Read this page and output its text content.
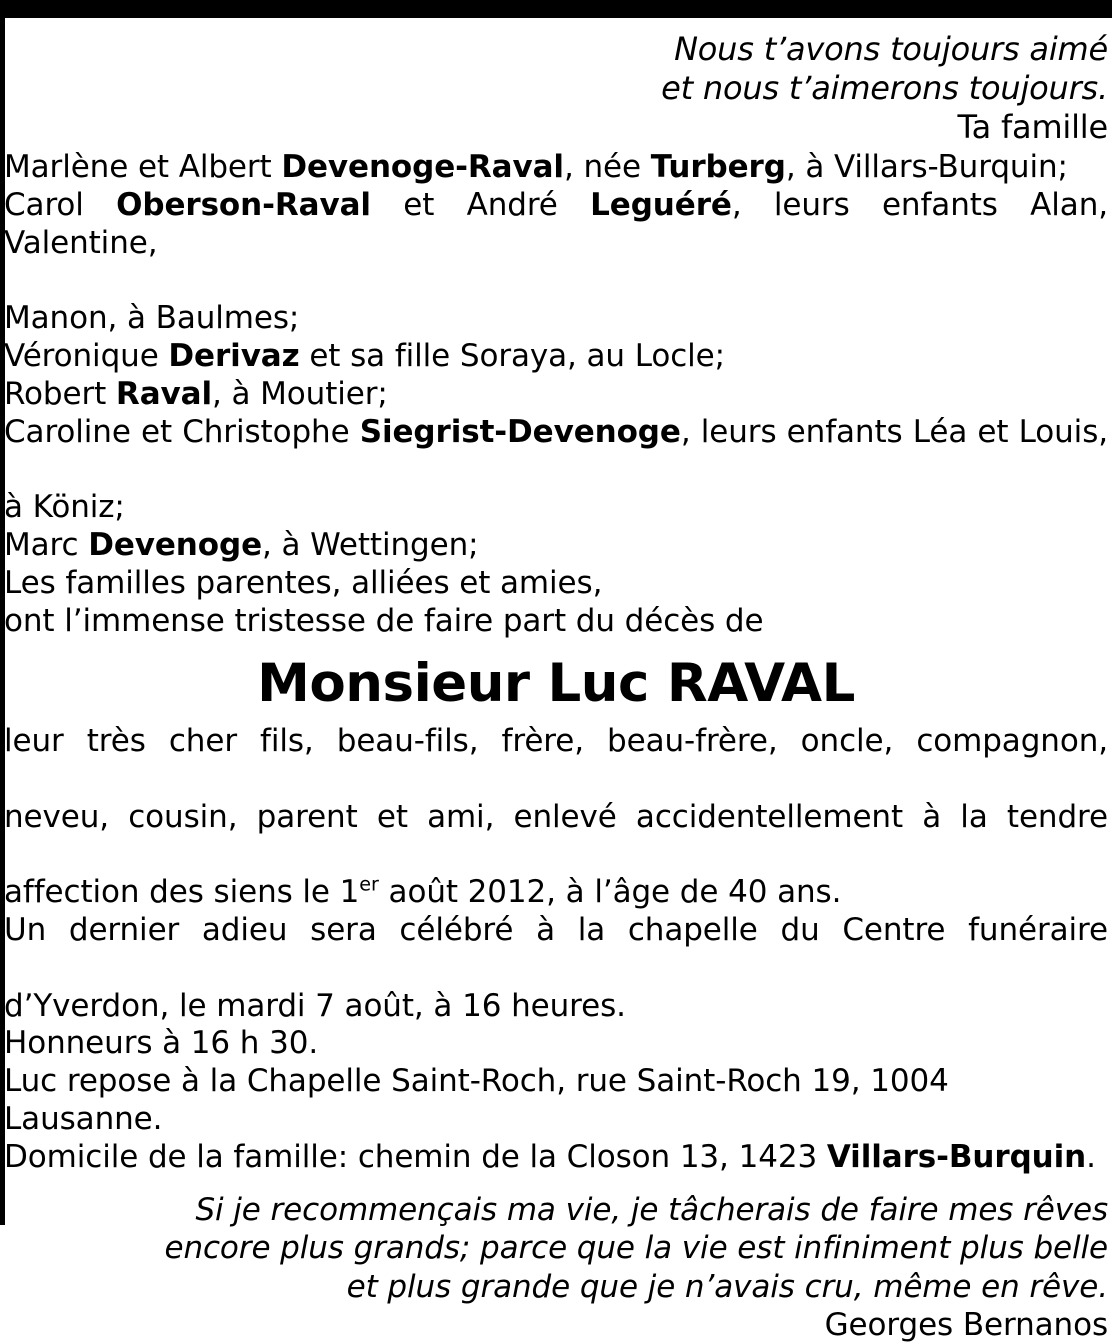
Nous t’avons toujours aimé
et nous t’aimerons toujours.
Ta famille

Marlène et Albert Devenoge-Raval, née Turberg, à Villars-Burquin;

Carol Oberson-Raval et André Leguéré, leurs enfants Alan, Valentine,

Manon, à Baulmes;

Véronique Derivaz et sa fille Soraya, au Locle;

Robert Raval, à Moutier;

Caroline et Christophe Siegrist-Devenoge, leurs enfants Léa et Louis,

à Köniz;

Marc Devenoge, à Wettingen;

Les familles parentes, alliées et amies,

ont l’immense tristesse de faire part du décès de

Monsieur Luc RAVAL

leur très cher fils, beau-fils, frère, beau-frère, oncle, compagnon,

neveu, cousin, parent et ami, enlevé accidentellement à la tendre

affection des siens le 1er août 2012, à l’âge de 40 ans.

Un dernier adieu sera célébré à la chapelle du Centre funéraire

d’Yverdon, le mardi 7 août, à 16 heures.

Honneurs à 16 h 30.

Luc repose à la Chapelle Saint-Roch, rue Saint-Roch 19, 1004 Lausanne.

Domicile de la famille: chemin de la Closon 13, 1423 Villars-Burquin.

Si je recommençais ma vie, je tâcherais de faire mes rêves

encore plus grands; parce que la vie est infiniment plus belle

et plus grande que je n’avais cru, même en rêve.

Georges Bernanos
